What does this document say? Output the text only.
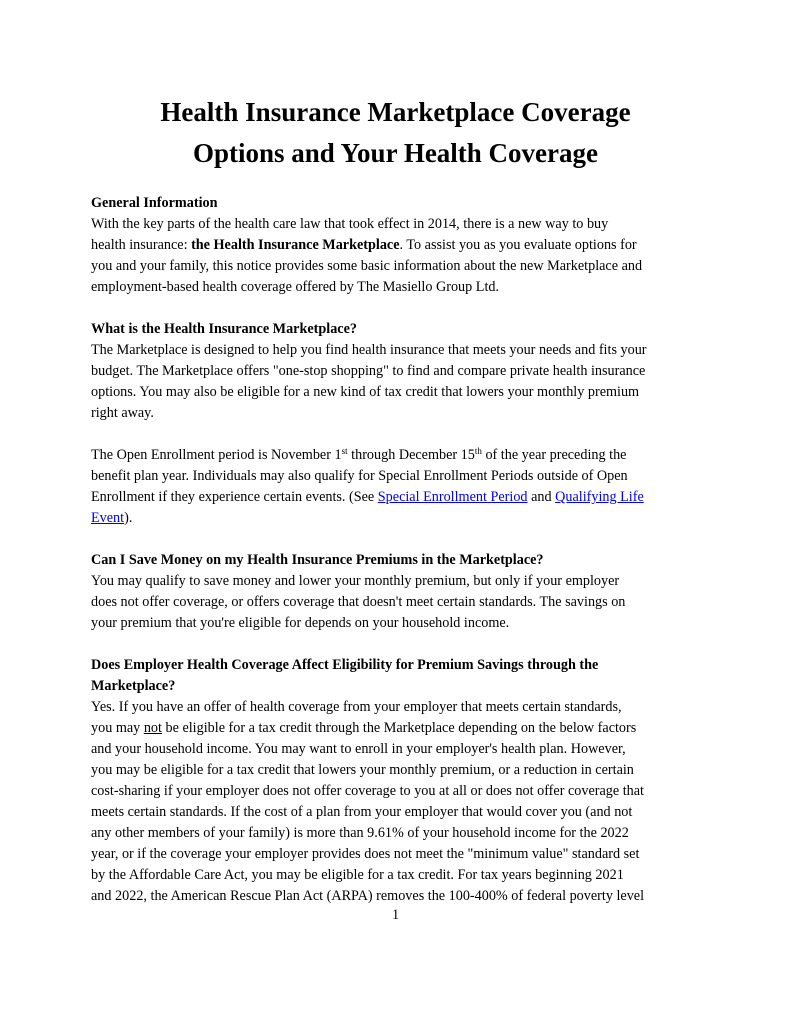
Health Insurance Marketplace Coverage
Options and Your Health Coverage
General Information
With the key parts of the health care law that took effect in 2014, there is a new way to buy
health insurance: the Health Insurance Marketplace. To assist you as you evaluate options for
you and your family, this notice provides some basic information about the new Marketplace and
employment-based health coverage offered by The Masiello Group Ltd.
What is the Health Insurance Marketplace?
The Marketplace is designed to help you find health insurance that meets your needs and fits your
budget. The Marketplace offers "one-stop shopping" to find and compare private health insurance
options. You may also be eligible for a new kind of tax credit that lowers your monthly premium
right away.
The Open Enrollment period is November 1st through December 15th of the year preceding the
benefit plan year. Individuals may also qualify for Special Enrollment Periods outside of Open
Enrollment if they experience certain events. (See Special Enrollment Period and Qualifying Life
Event).
Can I Save Money on my Health Insurance Premiums in the Marketplace?
You may qualify to save money and lower your monthly premium, but only if your employer
does not offer coverage, or offers coverage that doesn't meet certain standards. The savings on
your premium that you're eligible for depends on your household income.
Does Employer Health Coverage Affect Eligibility for Premium Savings through the
Marketplace?
Yes. If you have an offer of health coverage from your employer that meets certain standards,
you may not be eligible for a tax credit through the Marketplace depending on the below factors
and your household income. You may want to enroll in your employer's health plan. However,
you may be eligible for a tax credit that lowers your monthly premium, or a reduction in certain
cost-sharing if your employer does not offer coverage to you at all or does not offer coverage that
meets certain standards. If the cost of a plan from your employer that would cover you (and not
any other members of your family) is more than 9.61% of your household income for the 2022
year, or if the coverage your employer provides does not meet the "minimum value" standard set
by the Affordable Care Act, you may be eligible for a tax credit. For tax years beginning 2021
and 2022, the American Rescue Plan Act (ARPA) removes the 100-400% of federal poverty level
1
